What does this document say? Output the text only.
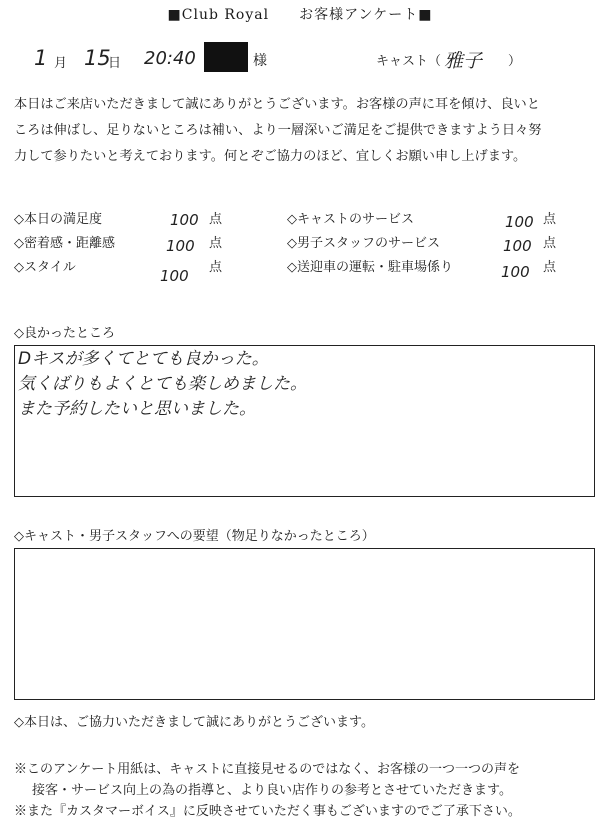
■Club Royal　　お客様アンケート■
1 月 15
日 20:40	様	キャスト（ 雅子 ）
本日はご来店いただきまして誠にありがとうございます。お客様の声に耳を傾け、良いと
ころは伸ばし、足りないところは補い、より一層深いご満足をご提供できますよう日々努
力して参りたいと考えております。何とぞご協力のほど、宜しくお願い申し上げます。
◇本日の満足度	100 点
◇密着感・距離感	100 点
◇スタイル	100 点
◇キャストのサービス	100 点
◇男子スタッフのサービス	100 点
◇送迎車の運転・駐車場係り	100 点
◇良かったところ
Dキスが多くてとても良かった。
気くばりもよくとても楽しめました。
また予約したいと思いました。
◇キャスト・男子スタッフへの要望（物足りなかったところ）
◇本日は、ご協力いただきまして誠にありがとうございます。
※このアンケート用紙は、キャストに直接見せるのではなく、お客様の一つ一つの声を
接客・サービス向上の為の指導と、より良い店作りの参考とさせていただきます。
※また『カスタマーボイス』に反映させていただく事もございますのでご了承下さい。
